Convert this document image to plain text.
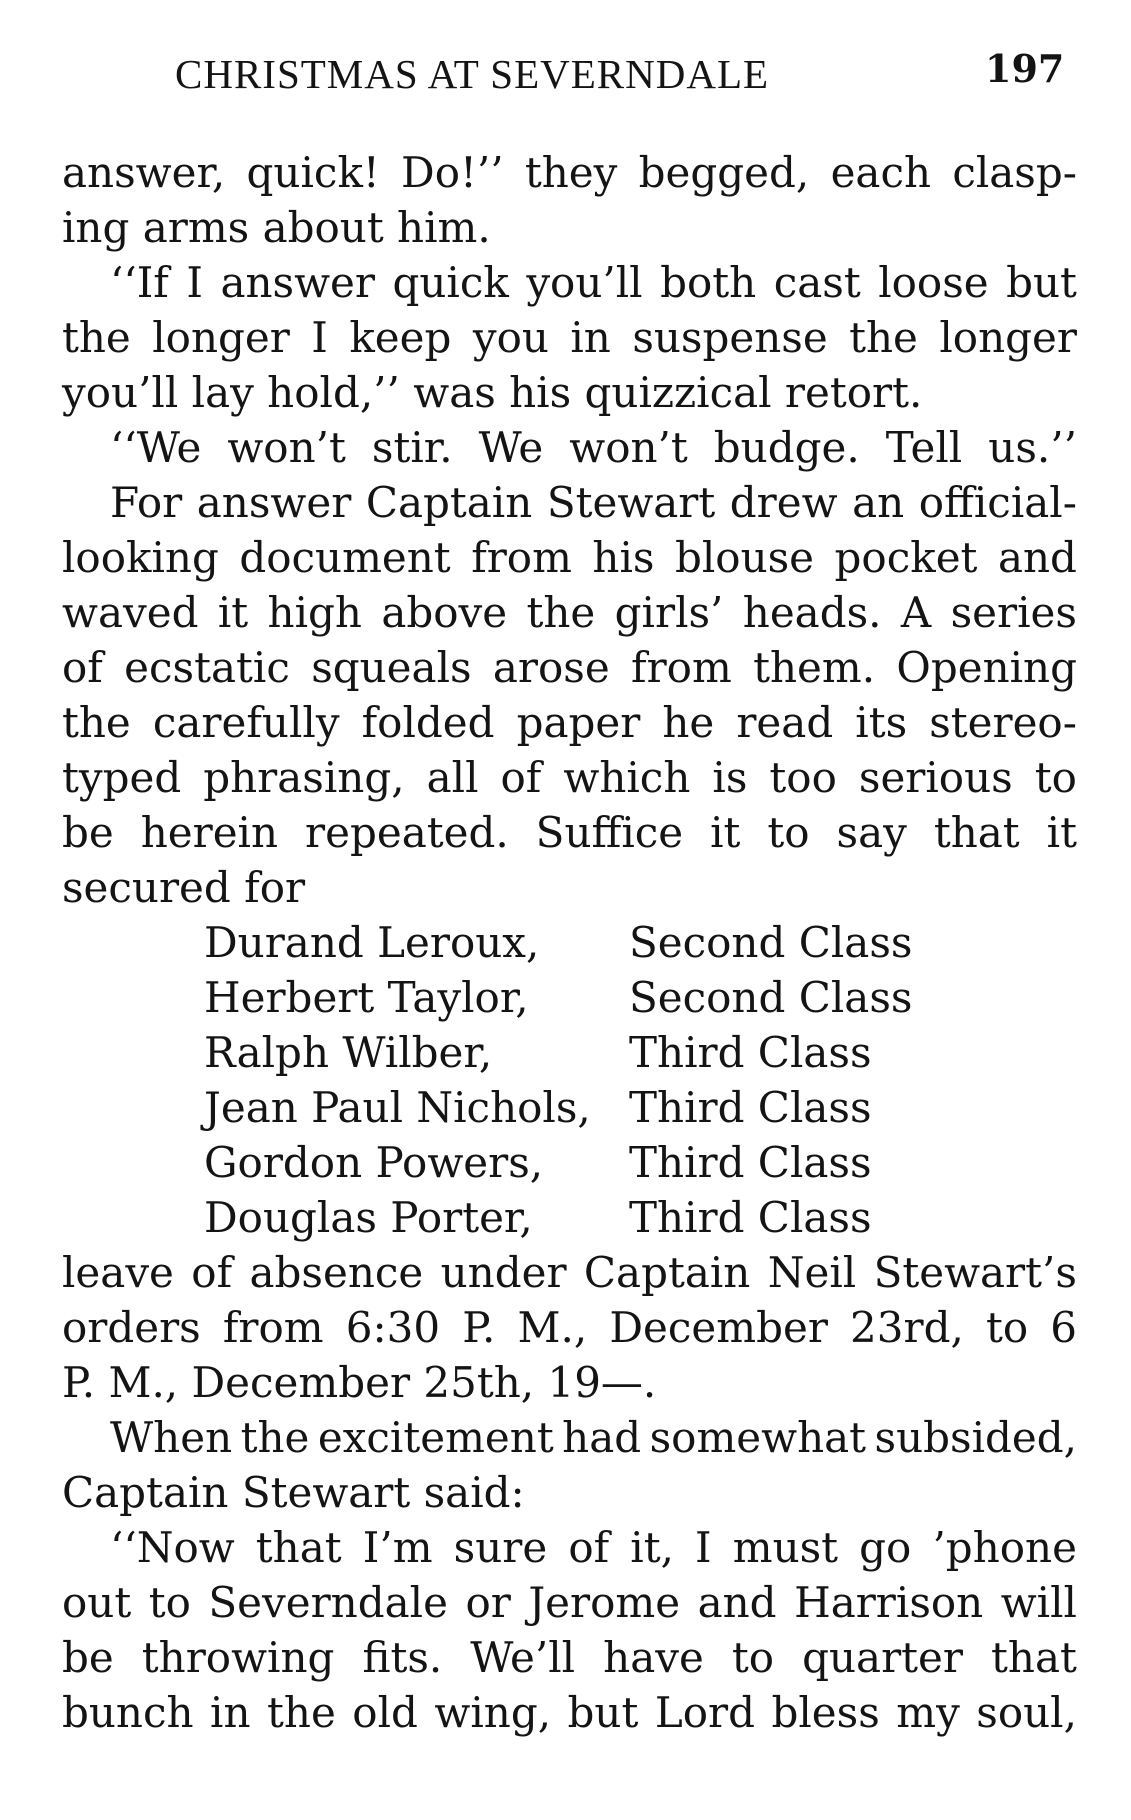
CHRISTMAS AT SEVERNDALE	197
answer, quick! Do!’’ they begged, each clasp-
ing arms about him.
‘‘If I answer quick you’ll both cast loose but
the longer I keep you in suspense the longer
you’ll lay hold,’’ was his quizzical retort.
‘‘We won’t stir. We won’t budge. Tell us.’’
For answer Captain Stewart drew an official-
looking document from his blouse pocket and
waved it high above the girls’ heads. A series
of ecstatic squeals arose from them. Opening
the carefully folded paper he read its stereo-
typed phrasing, all of which is too serious to
be herein repeated. Suffice it to say that it
secured for
Durand Leroux,	Second Class
Herbert Taylor,	Second Class
Ralph Wilber,	Third Class
Jean Paul Nichols, Third Class
Gordon Powers,	Third Class
Douglas Porter,	Third Class
leave of absence under Captain Neil Stewart’s
orders from 6:30 P. M., December 23rd, to 6
P. M., December 25th, 19—.
When the excitement had somewhat subsided,
Captain Stewart said:
‘‘Now that I’m sure of it, I must go ’phone
out to Severndale or Jerome and Harrison will
be throwing fits. We’ll have to quarter that
bunch in the old wing, but Lord bless my soul,
